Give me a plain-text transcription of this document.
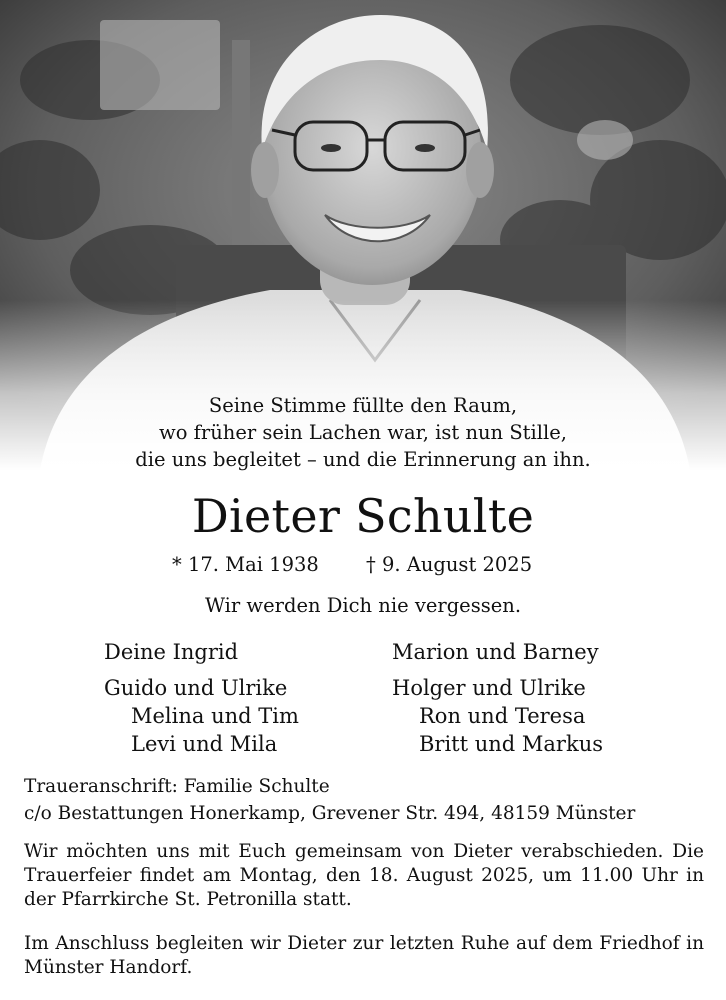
Seine Stimme füllte den Raum,
wo früher sein Lachen war, ist nun Stille,
die uns begleitet – und die Erinnerung an ihn.
Dieter Schulte
* 17. Mai 1938 † 9. August 2025
Wir werden Dich nie vergessen.
Deine Ingrid
Guido und Ulrike
Melina und Tim
Levi und Mila
Marion und Barney
Holger und Ulrike
Ron und Teresa
Britt und Markus
Traueranschrift: Familie Schulte
c/o Bestattungen Honerkamp, Grevener Str. 494, 48159 Münster
Wir möchten uns mit Euch gemeinsam von Dieter verabschieden. Die Trauerfeier findet am Montag, den 18. August 2025, um 11.00 Uhr in der Pfarrkirche St. Petronilla statt.
Im Anschluss begleiten wir Dieter zur letzten Ruhe auf dem Friedhof in Münster Handorf.
